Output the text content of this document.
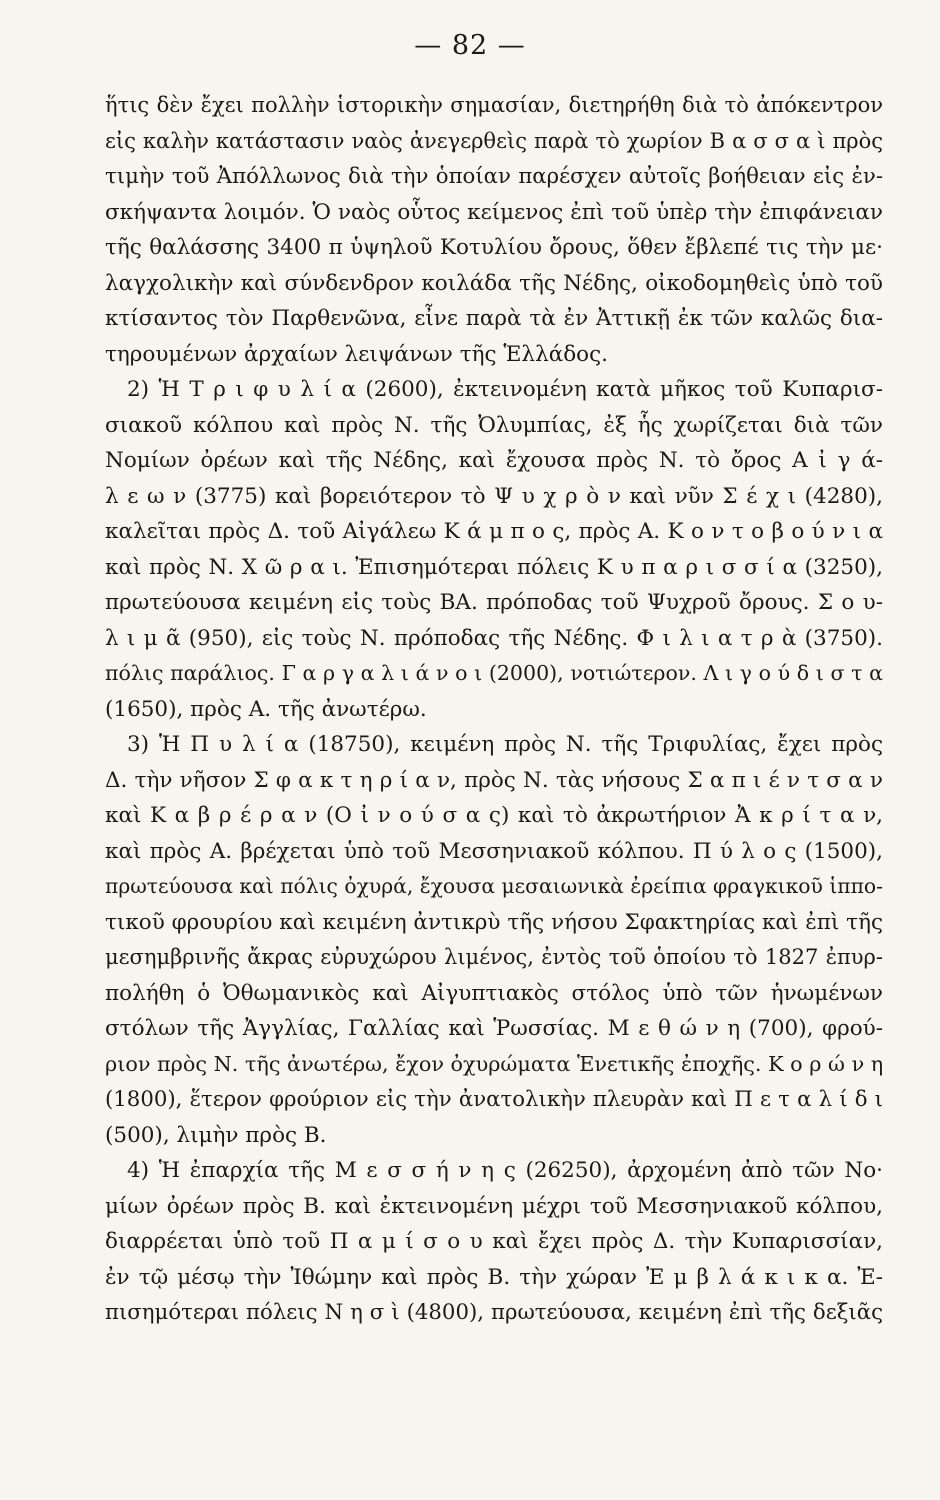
— 82 —
ἥτις δὲν ἔχει πολλὴν ἱστορικὴν σημασίαν, διετηρήθη διὰ τὸ ἀπόκεντρον
εἰς καλὴν κατάστασιν ναὸς ἀνεγερθεὶς παρὰ τὸ χωρίον Β α σ σ α ὶ πρὸς
τιμὴν τοῦ Ἀπόλλωνος διὰ τὴν ὁποίαν παρέσχεν αὐτοῖς βοήθειαν εἰς ἐν-
σκήψαντα λοιμόν. Ὁ ναὸς οὗτος κείμενος ἐπὶ τοῦ ὑπὲρ τὴν ἐπιφάνειαν
τῆς θαλάσσης 3400 π ὑψηλοῦ Κοτυλίου ὄρους, ὅθεν ἔβλεπέ τις τὴν με·
λαγχολικὴν καὶ σύνδενδρον κοιλάδα τῆς Νέδης, οἰκοδομηθεὶς ὑπὸ τοῦ
κτίσαντος τὸν Παρθενῶνα, εἶνε παρὰ τὰ ἐν Ἀττικῇ ἐκ τῶν καλῶς δια-
τηρουμένων ἀρχαίων λειψάνων τῆς Ἑλλάδος.
2) Ἡ Τ ρ ι φ υ λ ί α (2600), ἐκτεινομένη κατὰ μῆκος τοῦ Κυπαρισ-
σιακοῦ κόλπου καὶ πρὸς Ν. τῆς Ὀλυμπίας, ἐξ ἧς χωρίζεται διὰ τῶν
Νομίων ὀρέων καὶ τῆς Νέδης, καὶ ἔχουσα πρὸς Ν. τὸ ὄρος Α ἰ γ ά-
λ ε ω ν (3775) καὶ βορειότερον τὸ Ψ υ χ ρ ὸ ν καὶ νῦν Σ έ χ ι (4280),
καλεῖται πρὸς Δ. τοῦ Αἰγάλεω Κ ά μ π ο ς, πρὸς Α. Κ ο ν τ ο β ο ύ ν ι α
καὶ πρὸς Ν. Χ ῶ ρ α ι. Ἐπισημότεραι πόλεις Κ υ π α ρ ι σ σ ί α (3250),
πρωτεύουσα κειμένη εἰς τοὺς ΒΑ. πρόποδας τοῦ Ψυχροῦ ὄρους. Σ ο υ-
λ ι μ ᾶ (950), εἰς τοὺς Ν. πρόποδας τῆς Νέδης. Φ ι λ ι α τ ρ ὰ (3750).
πόλις παράλιος. Γ α ρ γ α λ ι ά ν ο ι (2000), νοτιώτερον. Λ ι γ ο ύ δ ι σ τ α
(1650), πρὸς Α. τῆς ἀνωτέρω.
3) Ἡ Π υ λ ί α (18750), κειμένη πρὸς Ν. τῆς Τριφυλίας, ἔχει πρὸς
Δ. τὴν νῆσον Σ φ α κ τ η ρ ί α ν, πρὸς Ν. τὰς νήσους Σ α π ι έ ν τ σ α ν
καὶ Κ α β ρ έ ρ α ν (Ο ἰ ν ο ύ σ α ς) καὶ τὸ ἀκρωτήριον Ἀ κ ρ ί τ α ν,
καὶ πρὸς Α. βρέχεται ὑπὸ τοῦ Μεσσηνιακοῦ κόλπου. Π ύ λ ο ς (1500),
πρωτεύουσα καὶ πόλις ὀχυρά, ἔχουσα μεσαιωνικὰ ἐρείπια φραγκικοῦ ἱππο-
τικοῦ φρουρίου καὶ κειμένη ἀντικρὺ τῆς νήσου Σφακτηρίας καὶ ἐπὶ τῆς
μεσημβρινῆς ἄκρας εὐρυχώρου λιμένος, ἐντὸς τοῦ ὁποίου τὸ 1827 ἐπυρ-
πολήθη ὁ Ὀθωμανικὸς καὶ Αἰγυπτιακὸς στόλος ὑπὸ τῶν ἡνωμένων
στόλων τῆς Ἀγγλίας, Γαλλίας καὶ Ῥωσσίας. Μ ε θ ώ ν η (700), φρού-
ριον πρὸς Ν. τῆς ἀνωτέρω, ἔχον ὀχυρώματα Ἑνετικῆς ἐποχῆς. Κ ο ρ ώ ν η
(1800), ἕτερον φρούριον εἰς τὴν ἀνατολικὴν πλευρὰν καὶ Π ε τ α λ ί δ ι
(500), λιμὴν πρὸς Β.
4) Ἡ ἐπαρχία τῆς Μ ε σ σ ή ν η ς (26250), ἀρχομένη ἀπὸ τῶν Νο·
μίων ὀρέων πρὸς Β. καὶ ἐκτεινομένη μέχρι τοῦ Μεσσηνιακοῦ κόλπου,
διαρρέεται ὑπὸ τοῦ Π α μ ί σ ο υ καὶ ἔχει πρὸς Δ. τὴν Κυπαρισσίαν,
ἐν τῷ μέσῳ τὴν Ἰθώμην καὶ πρὸς Β. τὴν χώραν Ἐ μ β λ ά κ ι κ α. Ἐ-
πισημότεραι πόλεις Ν η σ ὶ (4800), πρωτεύουσα, κειμένη ἐπὶ τῆς δεξιᾶς
